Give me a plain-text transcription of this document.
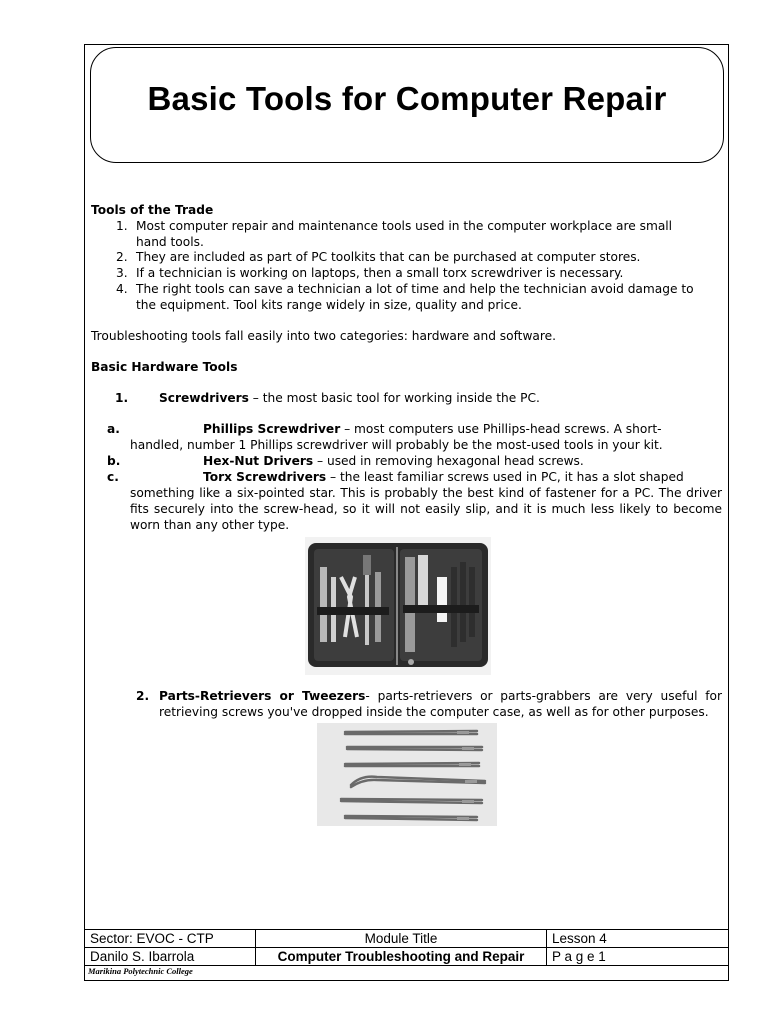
Basic Tools for Computer Repair
Tools of the Trade
1. Most computer repair and maintenance tools used in the computer workplace are small
hand tools.
2. They are included as part of PC toolkits that can be purchased at computer stores.
3. If a technician is working on laptops, then a small torx screwdriver is necessary.
4. The right tools can save a technician a lot of time and help the technician avoid damage to
the equipment. Tool kits range widely in size, quality and price.
Troubleshooting tools fall easily into two categories: hardware and software.
Basic Hardware Tools
1.	Screwdrivers – the most basic tool for working inside the PC.
a.	Phillips Screwdriver – most computers use Phillips-head screws. A short-
handled, number 1 Phillips screwdriver will probably be the most-used tools in your kit.
b.	Hex-Nut Drivers – used in removing hexagonal head screws.
c.	Torx Screwdrivers – the least familiar screws used in PC, it has a slot shaped
something like a six-pointed star. This is probably the best kind of fastener for a PC. The driver fits securely into the screw-head, so it will not easily slip, and it is much less likely to become worn than any other type.
2. Parts-Retrievers or Tweezers- parts-retrievers or parts-grabbers are very useful for retrieving screws you've dropped inside the computer case, as well as for other purposes.
Sector: EVOC - CTP	Module Title	Lesson 4
Danilo S. Ibarrola	Computer Troubleshooting and Repair	P a g e 1
Marikina Polytechnic College
